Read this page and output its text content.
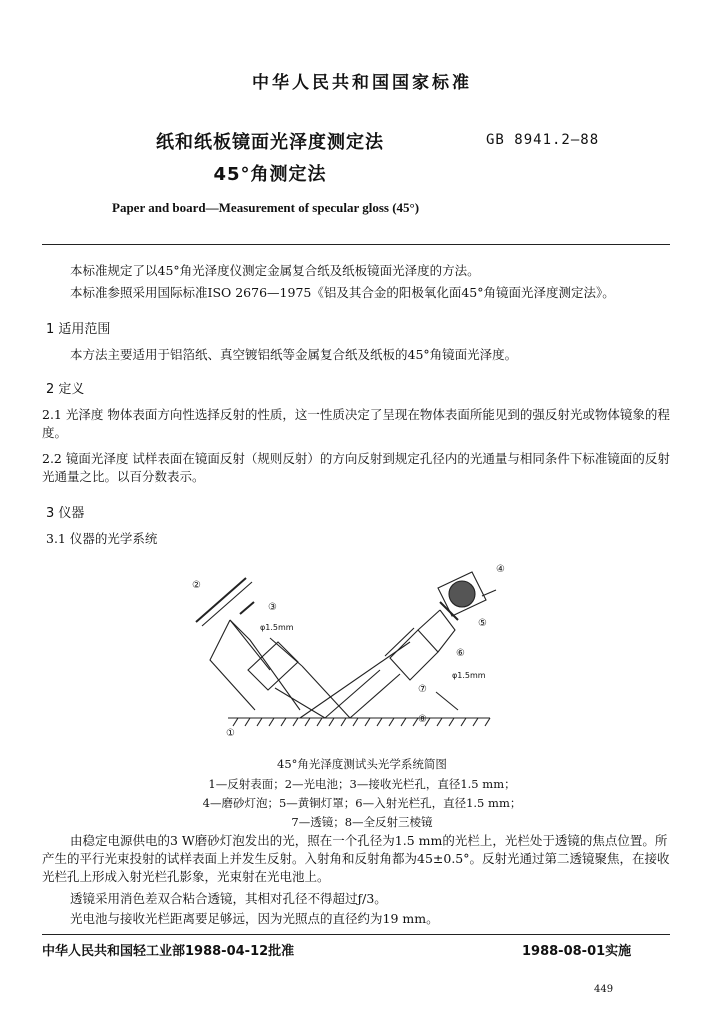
中华人民共和国国家标准
纸和纸板镜面光泽度测定法
45°角测定法
GB 8941.2—88
Paper and board—Measurement of specular gloss (45°)
本标准规定了以45°角光泽度仪测定金属复合纸及纸板镜面光泽度的方法。
本标准参照采用国际标准ISO 2676—1975《铝及其合金的阳极氧化面45°角镜面光泽度测定法》。
1 适用范围
本方法主要适用于铝箔纸、真空镀铝纸等金属复合纸及纸板的45°角镜面光泽度。
2 定义
2.1 光泽度 物体表面方向性选择反射的性质，这一性质决定了呈现在物体表面所能见到的强反射光或物体镜象的程度。
2.2 镜面光泽度 试样表面在镜面反射（规则反射）的方向反射到规定孔径内的光通量与相同条件下标准镜面的反射光通量之比。以百分数表示。
3 仪器
3.1 仪器的光学系统
②
③
φ1.5mm
①
④
⑤
⑥
φ1.5mm
⑦
⑧
45°角光泽度测试头光学系统简图
1—反射表面；2—光电池；3—接收光栏孔，直径1.5 mm；
4—磨砂灯泡；5—黄铜灯罩；6—入射光栏孔，直径1.5 mm；
7—透镜；8—全反射三棱镜
由稳定电源供电的3 W磨砂灯泡发出的光，照在一个孔径为1.5 mm的光栏上，光栏处于透镜的焦点位置。所产生的平行光束投射的试样表面上并发生反射。入射角和反射角都为45±0.5°。反射光通过第二透镜聚焦，在接收光栏孔上形成入射光栏孔影象，光束射在光电池上。
透镜采用消色差双合粘合透镜，其相对孔径不得超过ƒ/3。
光电池与接收光栏距离要足够远，因为光照点的直径约为19 mm。
中华人民共和国轻工业部1988-04-12批准	1988-08-01实施
449
